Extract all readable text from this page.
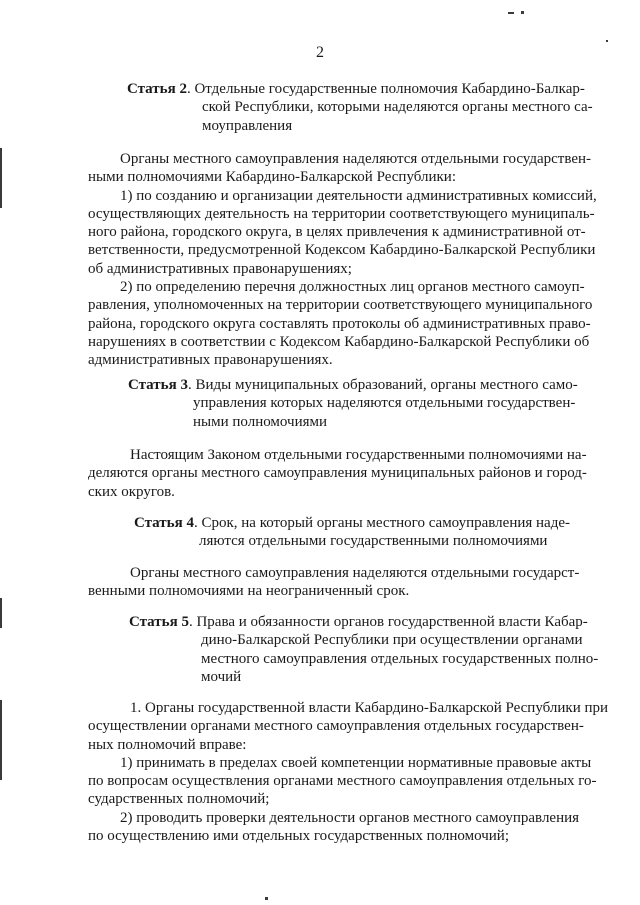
2
Статья 2. Отдельные государственные полномочия Кабардино-Балкар-
ской Республики, которыми наделяются органы местного са-
моуправления
Органы местного самоуправления наделяются отдельными государствен-
ными полномочиями Кабардино-Балкарской Республики:
1) по созданию и организации деятельности административных комиссий,
осуществляющих деятельность на территории соответствующего муниципаль-
ного района, городского округа, в целях привлечения к административной от-
ветственности, предусмотренной Кодексом Кабардино-Балкарской Республики
об административных правонарушениях;
2) по определению перечня должностных лиц органов местного самоуп-
равления, уполномоченных на территории соответствующего муниципального
района, городского округа составлять протоколы об административных право-
нарушениях в соответствии с Кодексом Кабардино-Балкарской Республики об
административных правонарушениях.
Статья 3. Виды муниципальных образований, органы местного само-
управления которых наделяются отдельными государствен-
ными полномочиями
Настоящим Законом отдельными государственными полномочиями на-
деляются органы местного самоуправления муниципальных районов и город-
ских округов.
Статья 4. Срок, на который органы местного самоуправления наде-
ляются отдельными государственными полномочиями
Органы местного самоуправления наделяются отдельными государст-
венными полномочиями на неограниченный срок.
Статья 5. Права и обязанности органов государственной власти Кабар-
дино-Балкарской Республики при осуществлении органами
местного самоуправления отдельных государственных полно-
мочий
1. Органы государственной власти Кабардино-Балкарской Республики при
осуществлении органами местного самоуправления отдельных государствен-
ных полномочий вправе:
1) принимать в пределах своей компетенции нормативные правовые акты
по вопросам осуществления органами местного самоуправления отдельных го-
сударственных полномочий;
2) проводить проверки деятельности органов местного самоуправления
по осуществлению ими отдельных государственных полномочий;
